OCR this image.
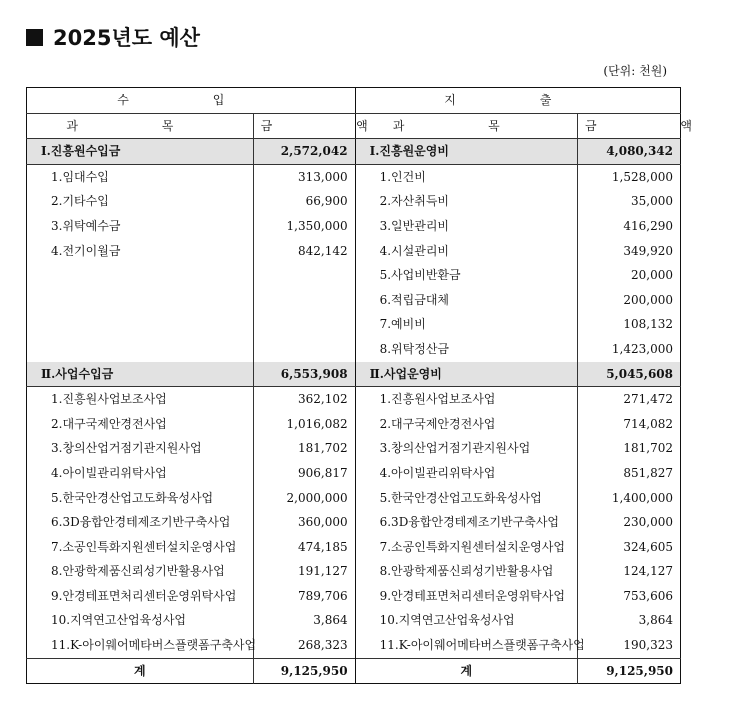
2025년도 예산
(단위: 천원)
수 입		지 출	
과 목	금 액	과 목	금 액
Ⅰ.진흥원수입금	2,572,042	Ⅰ.진흥원운영비	4,080,342
1.임대수입	313,000	1.인건비	1,528,000
2.기타수입	66,900	2.자산취득비	35,000
3.위탁예수금	1,350,000	3.일반관리비	416,290
4.전기이월금	842,142	4.시설관리비	349,920
		5.사업비반환금	20,000
		6.적립금대체	200,000
		7.예비비	108,132
		8.위탁정산금	1,423,000
Ⅱ.사업수입금	6,553,908	Ⅱ.사업운영비	5,045,608
1.진흥원사업보조사업	362,102	1.진흥원사업보조사업	271,472
2.대구국제안경전사업	1,016,082	2.대구국제안경전사업	714,082
3.창의산업거점기관지원사업	181,702	3.창의산업거점기관지원사업	181,702
4.아이빌관리위탁사업	906,817	4.아이빌관리위탁사업	851,827
5.한국안경산업고도화육성사업	2,000,000	5.한국안경산업고도화육성사업	1,400,000
6.3D융합안경테제조기반구축사업	360,000	6.3D융합안경테제조기반구축사업	230,000
7.소공인특화지원센터설치운영사업	474,185	7.소공인특화지원센터설치운영사업	324,605
8.안광학제품신뢰성기반활용사업	191,127	8.안광학제품신뢰성기반활용사업	124,127
9.안경테표면처리센터운영위탁사업	789,706	9.안경테표면처리센터운영위탁사업	753,606
10.지역연고산업육성사업	3,864	10.지역연고산업육성사업	3,864
11.K-아이웨어메타버스플랫폼구축사업	268,323	11.K-아이웨어메타버스플랫폼구축사업	190,323
계	9,125,950	계	9,125,950
